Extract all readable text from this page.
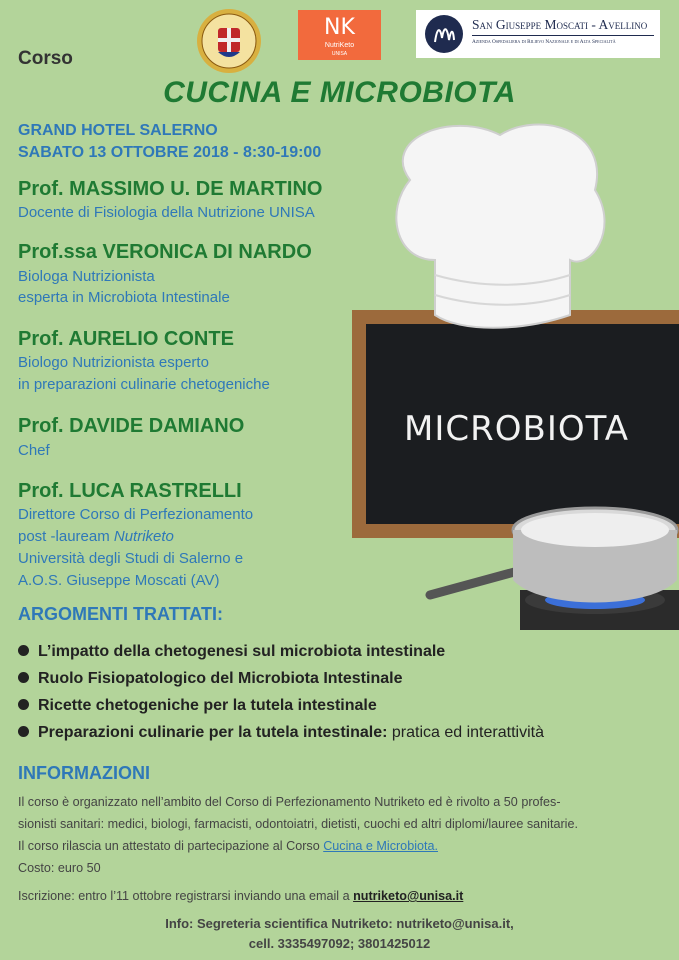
NK
NutriKeto
UNISA
San Giuseppe Moscati - Avellino
Azienda Ospedaliera di Rilievo Nazionale e di Alta Specialità
Corso
CUCINA E MICROBIOTA
GRAND HOTEL SALERNO
SABATO 13 OTTOBRE 2018 - 8:30-19:00
Prof. MASSIMO U. DE MARTINO
Docente di Fisiologia della Nutrizione UNISA
Prof.ssa VERONICA DI NARDO
Biologa Nutrizionista
esperta in Microbiota Intestinale
Prof. AURELIO CONTE
Biologo Nutrizionista esperto
in preparazioni culinarie chetogeniche
Prof. DAVIDE DAMIANO
Chef
Prof. LUCA RASTRELLI
Direttore Corso di Perfezionamento
post -lauream Nutriketo
Università degli Studi di Salerno e
A.O.S. Giuseppe Moscati (AV)
MICROBIOTA
ARGOMENTI TRATTATI:
L’impatto della chetogenesi sul microbiota intestinale
Ruolo Fisiopatologico del Microbiota Intestinale
Ricette chetogeniche per la tutela intestinale
Preparazioni culinarie per la tutela intestinale: pratica ed interattività
INFORMAZIONI
Il corso è organizzato nell’ambito del Corso di Perfezionamento Nutriketo ed è rivolto a 50 profes-
sionisti sanitari: medici, biologi, farmacisti, odontoiatri, dietisti, cuochi ed altri diplomi/lauree sanitarie.
Il corso rilascia un attestato di partecipazione al Corso Cucina e Microbiota.
Costo: euro 50
Iscrizione: entro l’11 ottobre registrarsi inviando una email a nutriketo@unisa.it
Info: Segreteria scientifica Nutriketo: nutriketo@unisa.it,
cell. 3335497092; 3801425012
